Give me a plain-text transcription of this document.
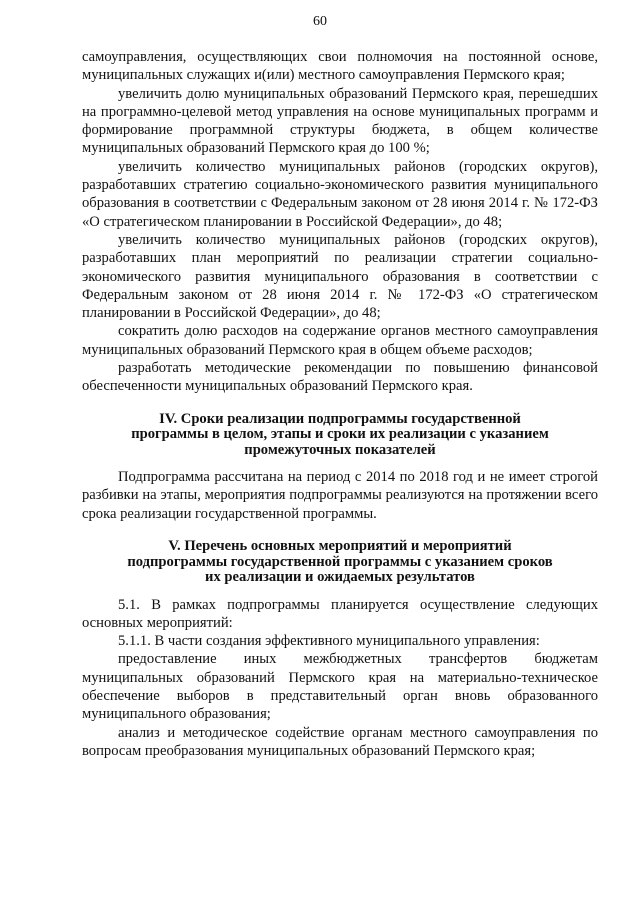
60

самоуправления, осуществляющих свои полномочия на постоянной основе, муниципальных служащих и(или) местного самоуправления Пермского края;

увеличить долю муниципальных образований Пермского края, перешедших на программно-целевой метод управления на основе муниципальных программ и формирование программной структуры бюджета, в общем количестве муниципальных образований Пермского края до 100 %;

увеличить количество муниципальных районов (городских округов), разработавших стратегию социально-экономического развития муниципального образования в соответствии с Федеральным законом от 28 июня 2014 г. № 172-ФЗ «О стратегическом планировании в Российской Федерации», до 48;

увеличить количество муниципальных районов (городских округов), разработавших план мероприятий по реализации стратегии социально-экономического развития муниципального образования в соответствии с Федеральным законом от 28 июня 2014 г. № 172-ФЗ «О стратегическом планировании в Российской Федерации», до 48;

сократить долю расходов на содержание органов местного самоуправления муниципальных образований Пермского края в общем объеме расходов;

разработать методические рекомендации по повышению финансовой обеспеченности муниципальных образований Пермского края.

IV. Сроки реализации подпрограммы государственной

программы в целом, этапы и сроки их реализации с указанием

промежуточных показателей

Подпрограмма рассчитана на период с 2014 по 2018 год и не имеет строгой разбивки на этапы, мероприятия подпрограммы реализуются на протяжении всего срока реализации государственной программы.

V. Перечень основных мероприятий и мероприятий

подпрограммы государственной программы с указанием сроков

их реализации и ожидаемых результатов

5.1. В рамках подпрограммы планируется осуществление следующих основных мероприятий:

5.1.1. В части создания эффективного муниципального управления:

предоставление иных межбюджетных трансфертов бюджетам муниципальных образований Пермского края на материально-техническое обеспечение выборов в представительный орган вновь образованного муниципального образования;

анализ и методическое содействие органам местного самоуправления по вопросам преобразования муниципальных образований Пермского края;
